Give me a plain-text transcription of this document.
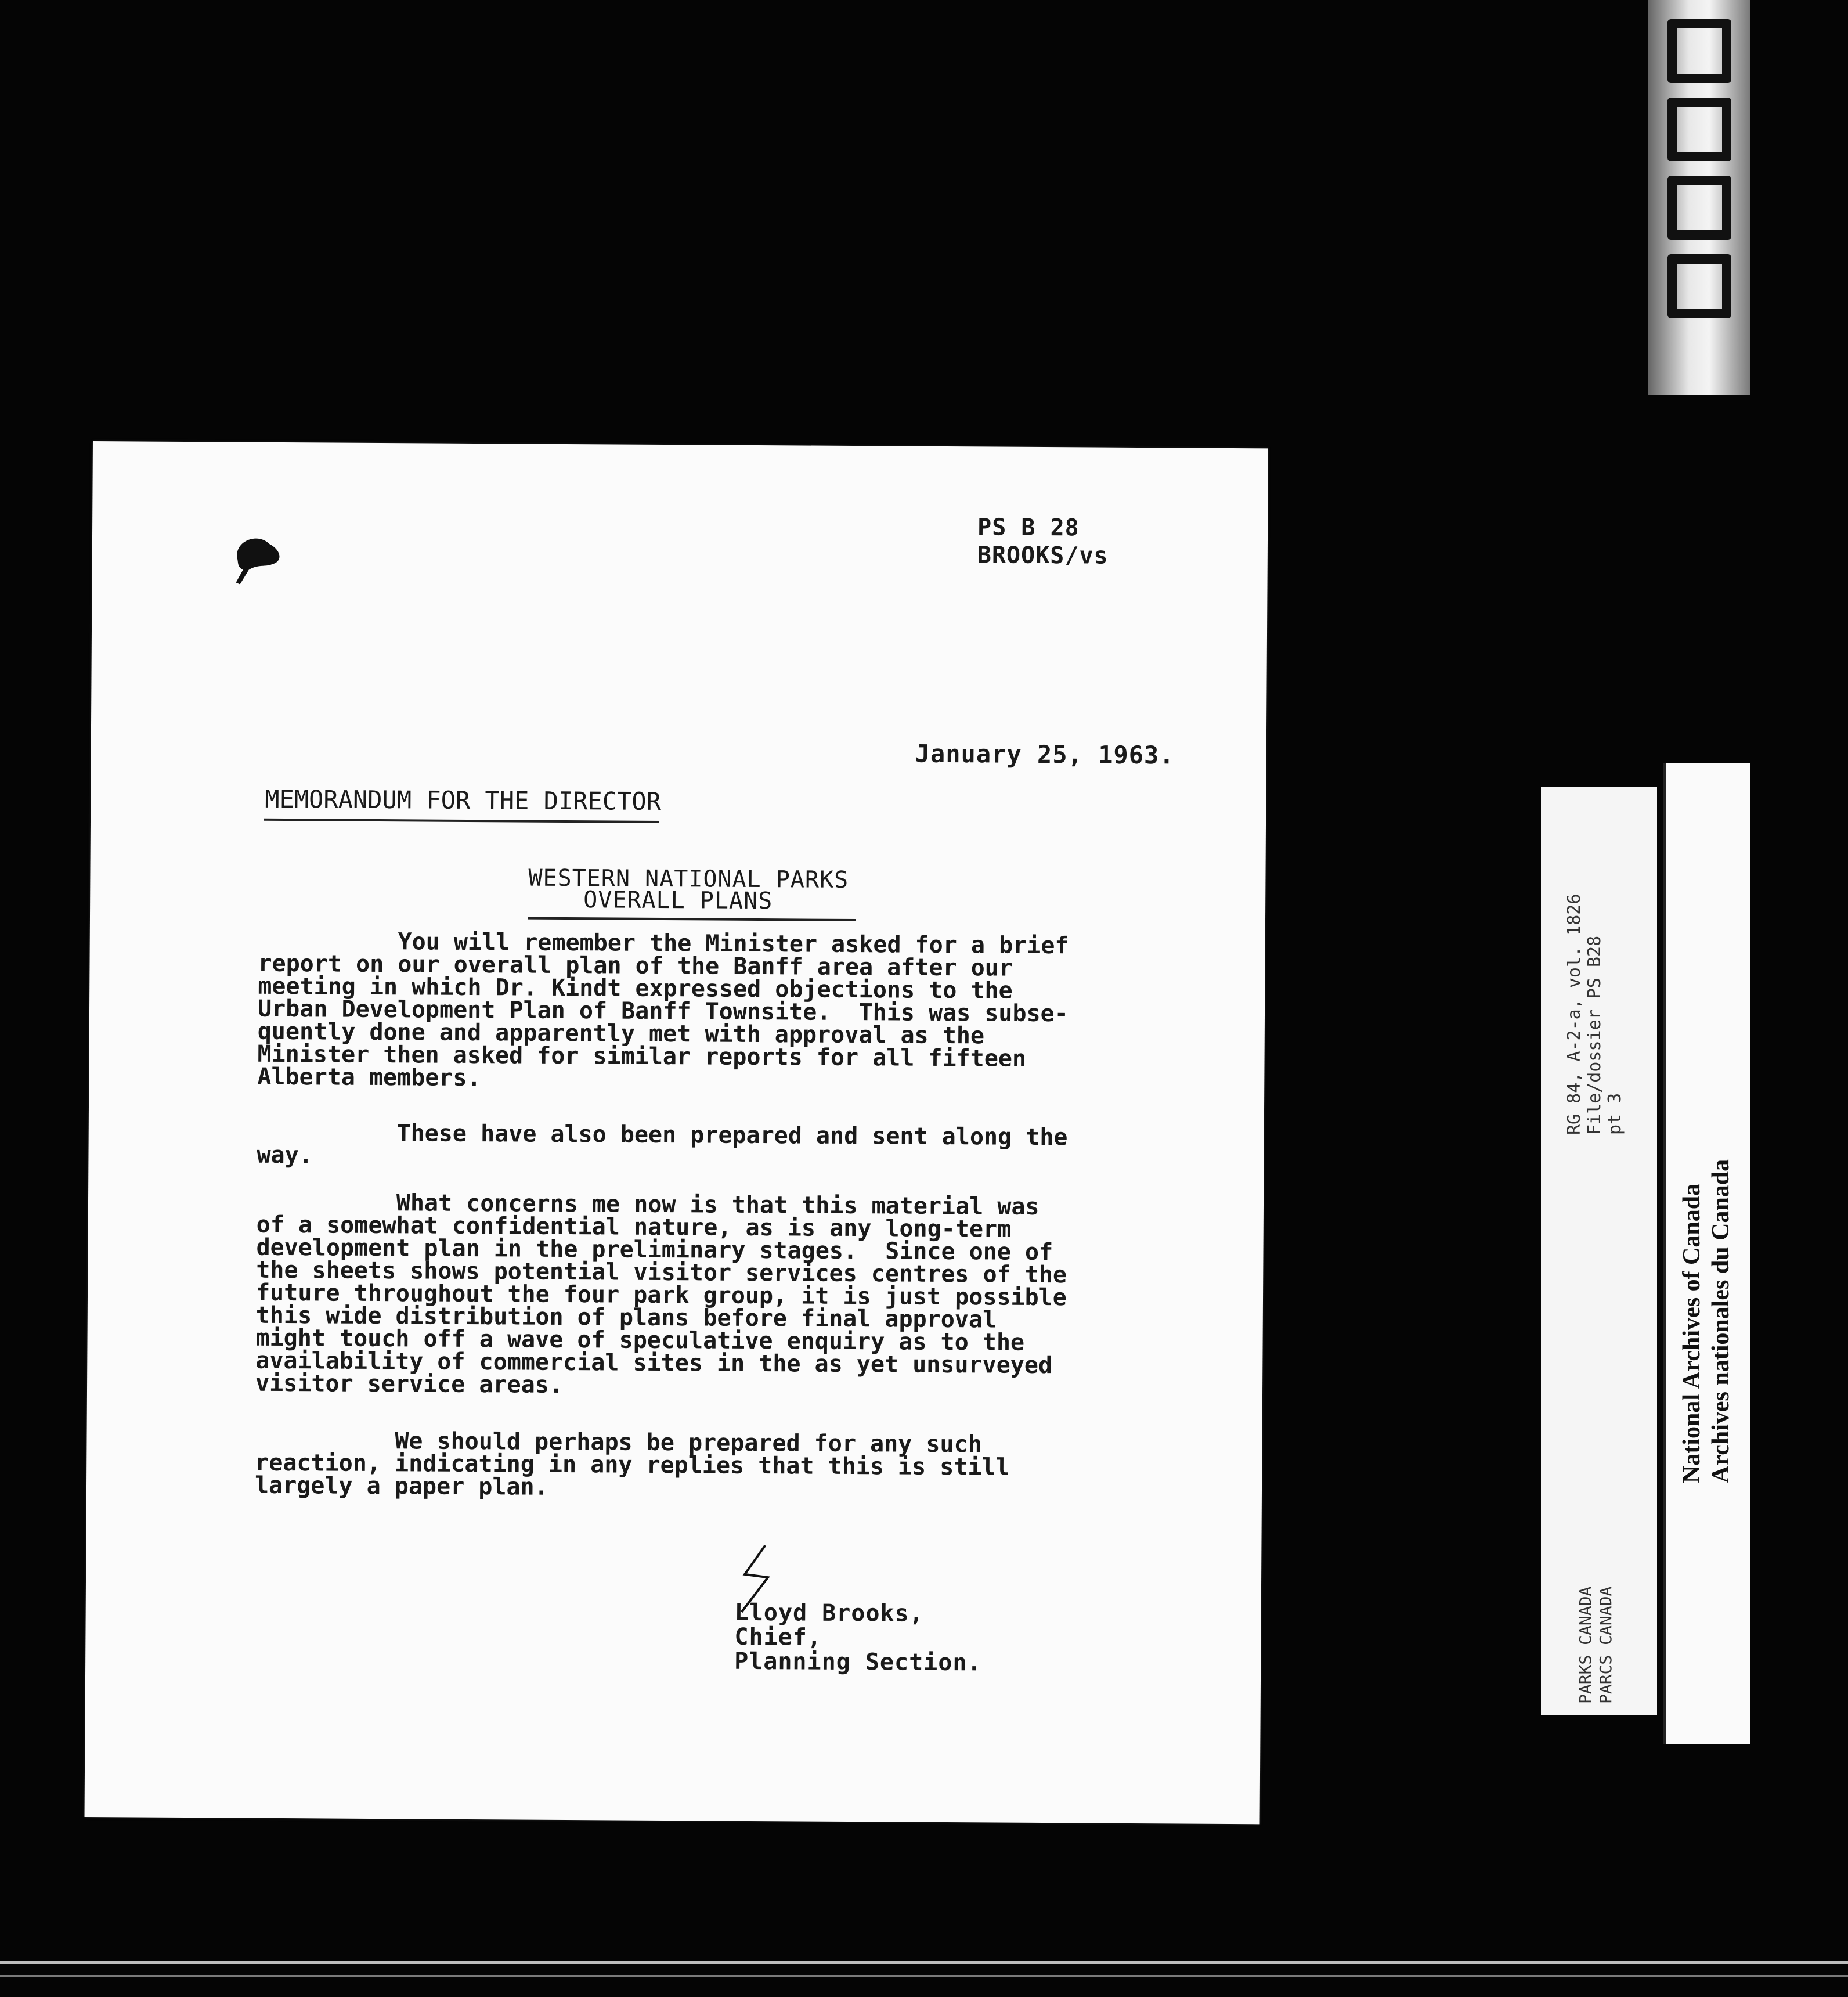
PS B 28
BROOKS/vs
January 25, 1963.
MEMORANDUM FOR THE DIRECTOR
WESTERN NATIONAL PARKS
OVERALL PLANS
You will remember the Minister asked for a brief
report on our overall plan of the Banff area after our
meeting in which Dr. Kindt expressed objections to the
Urban Development Plan of Banff Townsite.  This was subse-
quently done and apparently met with approval as the
Minister then asked for similar reports for all fifteen
Alberta members.
These have also been prepared and sent along the
way.
What concerns me now is that this material was
of a somewhat confidential nature, as is any long-term
development plan in the preliminary stages.  Since one of
the sheets shows potential visitor services centres of the
future throughout the four park group, it is just possible
this wide distribution of plans before final approval
might touch off a wave of speculative enquiry as to the
availability of commercial sites in the as yet unsurveyed
visitor service areas.
We should perhaps be prepared for any such
reaction, indicating in any replies that this is still
largely a paper plan.
Lloyd Brooks,
Chief,
Planning Section.
RG 84, A-2-a, vol. 1826 File/dossier PS B28 pt 3
PARKS CANADA PARCS CANADA
National Archives of Canada Archives nationales du Canada
